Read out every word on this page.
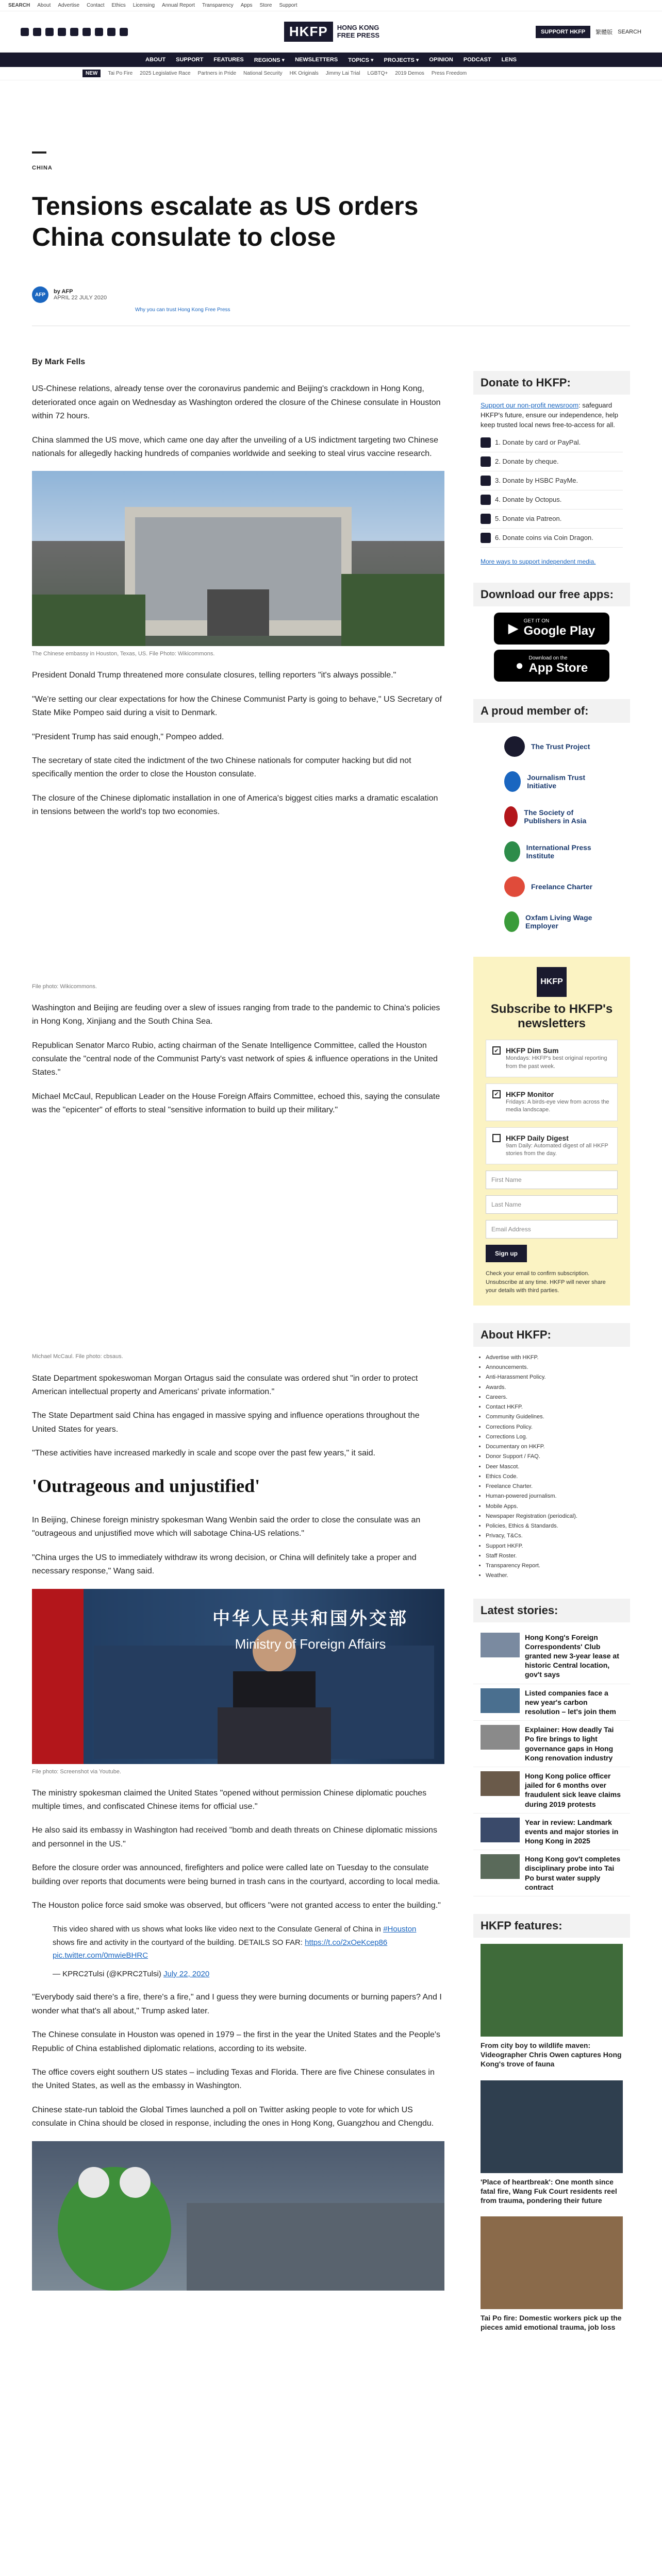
SEARCH About Advertise Contact Ethics Licensing Annual Report Transparency Apps Store Support
HKFP	HONG KONG
FREE PRESS	SUPPORT HKFP	繁體版 SEARCH
ABOUT SUPPORT FEATURES REGIONS ▾ NEWSLETTERS TOPICS ▾ PROJECTS ▾ OPINION PODCAST LENS
NEW	Tai Po Fire 2025 Legislative Race Partners in Pride National Security HK Originals Jimmy Lai Trial LGBTQ+ 2019 Demos Press Freedom
CHINA
Tensions escalate as US orders China consulate to close
AFP	by AFP
APRIL 22 JULY 2020
Why you can trust Hong Kong Free Press

By Mark Fells

US-Chinese relations, already tense over the coronavirus pandemic and Beijing's crackdown in Hong Kong, deteriorated once again on Wednesday as Washington ordered the closure of the Chinese consulate in Houston within 72 hours.

China slammed the US move, which came one day after the unveiling of a US indictment targeting two Chinese nationals for allegedly hacking hundreds of companies worldwide and seeking to steal virus vaccine research.

The Chinese embassy in Houston, Texas, US. File Photo: Wikicommons.

President Donald Trump threatened more consulate closures, telling reporters "it's always possible."

"We're setting our clear expectations for how the Chinese Communist Party is going to behave," US Secretary of State Mike Pompeo said during a visit to Denmark.

"President Trump has said enough," Pompeo added.

The secretary of state cited the indictment of the two Chinese nationals for computer hacking but did not specifically mention the order to close the Houston consulate.

The closure of the Chinese diplomatic installation in one of America's biggest cities marks a dramatic escalation in tensions between the world's top two economies.

File photo: Wikicommons.

Washington and Beijing are feuding over a slew of issues ranging from trade to the pandemic to China's policies in Hong Kong, Xinjiang and the South China Sea.

Republican Senator Marco Rubio, acting chairman of the Senate Intelligence Committee, called the Houston consulate the "central node of the Communist Party's vast network of spies & influence operations in the United States."

Michael McCaul, Republican Leader on the House Foreign Affairs Committee, echoed this, saying the consulate was the "epicenter" of efforts to steal "sensitive information to build up their military."

Michael McCaul. File photo: cbsaus.

State Department spokeswoman Morgan Ortagus said the consulate was ordered shut "in order to protect American intellectual property and Americans' private information."

The State Department said China has engaged in massive spying and influence operations throughout the United States for years.

"These activities have increased markedly in scale and scope over the past few years," it said.

'Outrageous and unjustified'

In Beijing, Chinese foreign ministry spokesman Wang Wenbin said the order to close the consulate was an "outrageous and unjustified move which will sabotage China-US relations."

"China urges the US to immediately withdraw its wrong decision, or China will definitely take a proper and necessary response," Wang said.

中华人民共和国外交部
Ministry of Foreign Affairs

File photo: Screenshot via Youtube.

The ministry spokesman claimed the United States "opened without permission Chinese diplomatic pouches multiple times, and confiscated Chinese items for official use."

He also said its embassy in Washington had received "bomb and death threats on Chinese diplomatic missions and personnel in the US."

Before the closure order was announced, firefighters and police were called late on Tuesday to the consulate building over reports that documents were being burned in trash cans in the courtyard, according to local media.

The Houston police force said smoke was observed, but officers "were not granted access to enter the building."

This video shared with us shows what looks like video next to the Consulate General of China in #Houston shows fire and activity in the courtyard of the building. DETAILS SO FAR: https://t.co/2xOeKcep86 pic.twitter.com/0mwieBHRC

— KPRC2Tulsi (@KPRC2Tulsi) July 22, 2020

"Everybody said there's a fire, there's a fire," and I guess they were burning documents or burning papers? And I wonder what that's all about," Trump asked later.

The Chinese consulate in Houston was opened in 1979 – the first in the year the United States and the People's Republic of China established diplomatic relations, according to its website.

The office covers eight southern US states – including Texas and Florida. There are five Chinese consulates in the United States, as well as the embassy in Washington.

Chinese state-run tabloid the Global Times launched a poll on Twitter asking people to vote for which US consulate in China should be closed in response, including the ones in Hong Kong, Guangzhou and Chengdu.

Donate to HKFP:

Support our non-profit newsroom: safeguard HKFP's future, ensure our independence, help keep trusted local news free-to-access for all.

1. Donate by card or PayPal.
2. Donate by cheque.
3. Donate by HSBC PayMe.
4. Donate by Octopus.
5. Donate via Patreon.
6. Donate coins via Coin Dragon.
More ways to support independent media.
Download our free apps:
▶ GET IT ON
Google Play
● Download on the
App Store
A proud member of:
The Trust Project
Journalism Trust Initiative
The Society of Publishers in Asia
International Press Institute
Freelance Charter
Oxfam Living Wage Employer
HKFP
Subscribe to HKFP's newsletters
✔ HKFP Dim Sum
Mondays: HKFP's best original reporting from the past week.
✔ HKFP Monitor
Fridays: A birds-eye view from across the media landscape.
HKFP Daily Digest
9am Daily: Automated digest of all HKFP stories from the day.
First Name
Last Name
Email Address
Sign up

Check your email to confirm subscription. Unsubscribe at any time. HKFP will never share your details with third parties.

About HKFP:
• Advertise with HKFP.
• Announcements.
• Anti-Harassment Policy.
• Awards.
• Careers.
• Contact HKFP.
• Community Guidelines.
• Corrections Policy.
• Corrections Log.
• Documentary on HKFP.
• Donor Support / FAQ.
• Deer Mascot.
• Ethics Code.
• Freelance Charter.
• Human-powered journalism.
• Mobile Apps.
• Newspaper Registration (periodical).
• Policies, Ethics & Standards.
• Privacy, T&Cs.
• Support HKFP.
• Staff Roster.
• Transparency Report.
• Weather.
Latest stories:
Hong Kong's Foreign Correspondents' Club granted new 3-year lease at historic Central location, gov't says
Listed companies face a new year's carbon resolution – let's join them
Explainer: How deadly Tai Po fire brings to light governance gaps in Hong Kong renovation industry
Hong Kong police officer jailed for 6 months over fraudulent sick leave claims during 2019 protests
Year in review: Landmark events and major stories in Hong Kong in 2025
Hong Kong gov't completes disciplinary probe into Tai Po burst water supply contract
HKFP features:
From city boy to wildlife maven: Videographer Chris Owen captures Hong Kong's trove of fauna
'Place of heartbreak': One month since fatal fire, Wang Fuk Court residents reel from trauma, pondering their future
Tai Po fire: Domestic workers pick up the pieces amid emotional trauma, job loss
